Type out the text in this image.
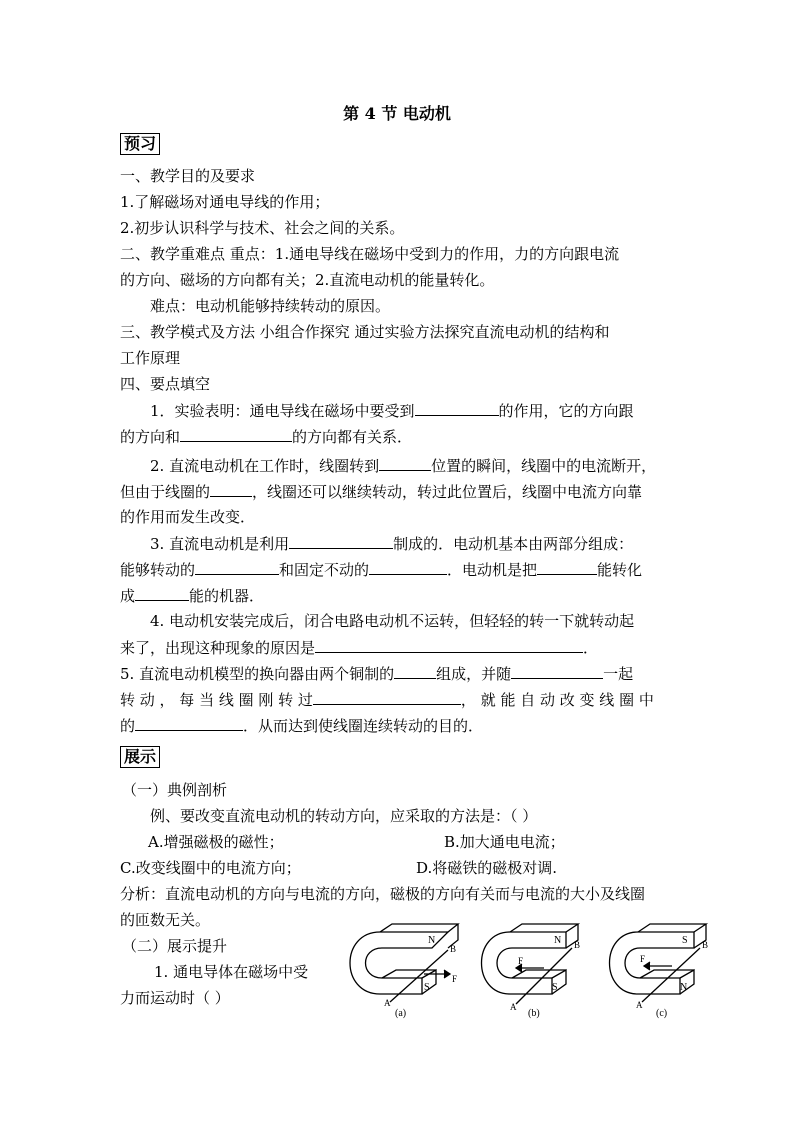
第 4 节 电动机
预习
一、教学目的及要求
1.了解磁场对通电导线的作用；
2.初步认识科学与技术、社会之间的关系。
二、教学重难点 重点：1.通电导线在磁场中受到力的作用，力的方向跟电流
的方向、磁场的方向都有关；2.直流电动机的能量转化。
难点：电动机能够持续转动的原因。
三、教学模式及方法 小组合作探究 通过实验方法探究直流电动机的结构和
工作原理
四、要点填空
1．实验表明：通电导线在磁场中要受到	的作用，它的方向跟
的方向和	的方向都有关系．
2. 直流电动机在工作时，线圈转到	位置的瞬间，线圈中的电流断开，
但由于线圈的	，线圈还可以继续转动，转过此位置后，线圈中电流方向靠
的作用而发生改变．
3. 直流电动机是利用	制成的．电动机基本由两部分组成：
能够转动的	和固定不动的	．电动机是把	能转化
成	能的机器．
4. 电动机安装完成后，闭合电路电动机不运转，但轻轻的转一下就转动起
来了，出现这种现象的原因是	．
5. 直流电动机模型的换向器由两个铜制的	组成，并随	一起
转 动 ， 每 当 线 圈 刚 转 过	， 就 能 自 动 改 变 线 圈 中
的	．从而达到使线圈连续转动的目的．
展示
（一）典例剖析
例、要改变直流电动机的转动方向，应采取的方法是：（ ）
A.增强磁极的磁性；	B.加大通电电流；
C.改变线圈中的电流方向；	D.将磁铁的磁极对调.
分析：直流电动机的方向与电流的方向，磁极的方向有关而与电流的大小及线圈
的匝数无关。
（二）展示提升
1. 通电导体在磁场中受
力而运动时（ ）
N
S
A
B
F
(a)
N
S
A
B
F
(b)
S
N
A
B
F
(c)
